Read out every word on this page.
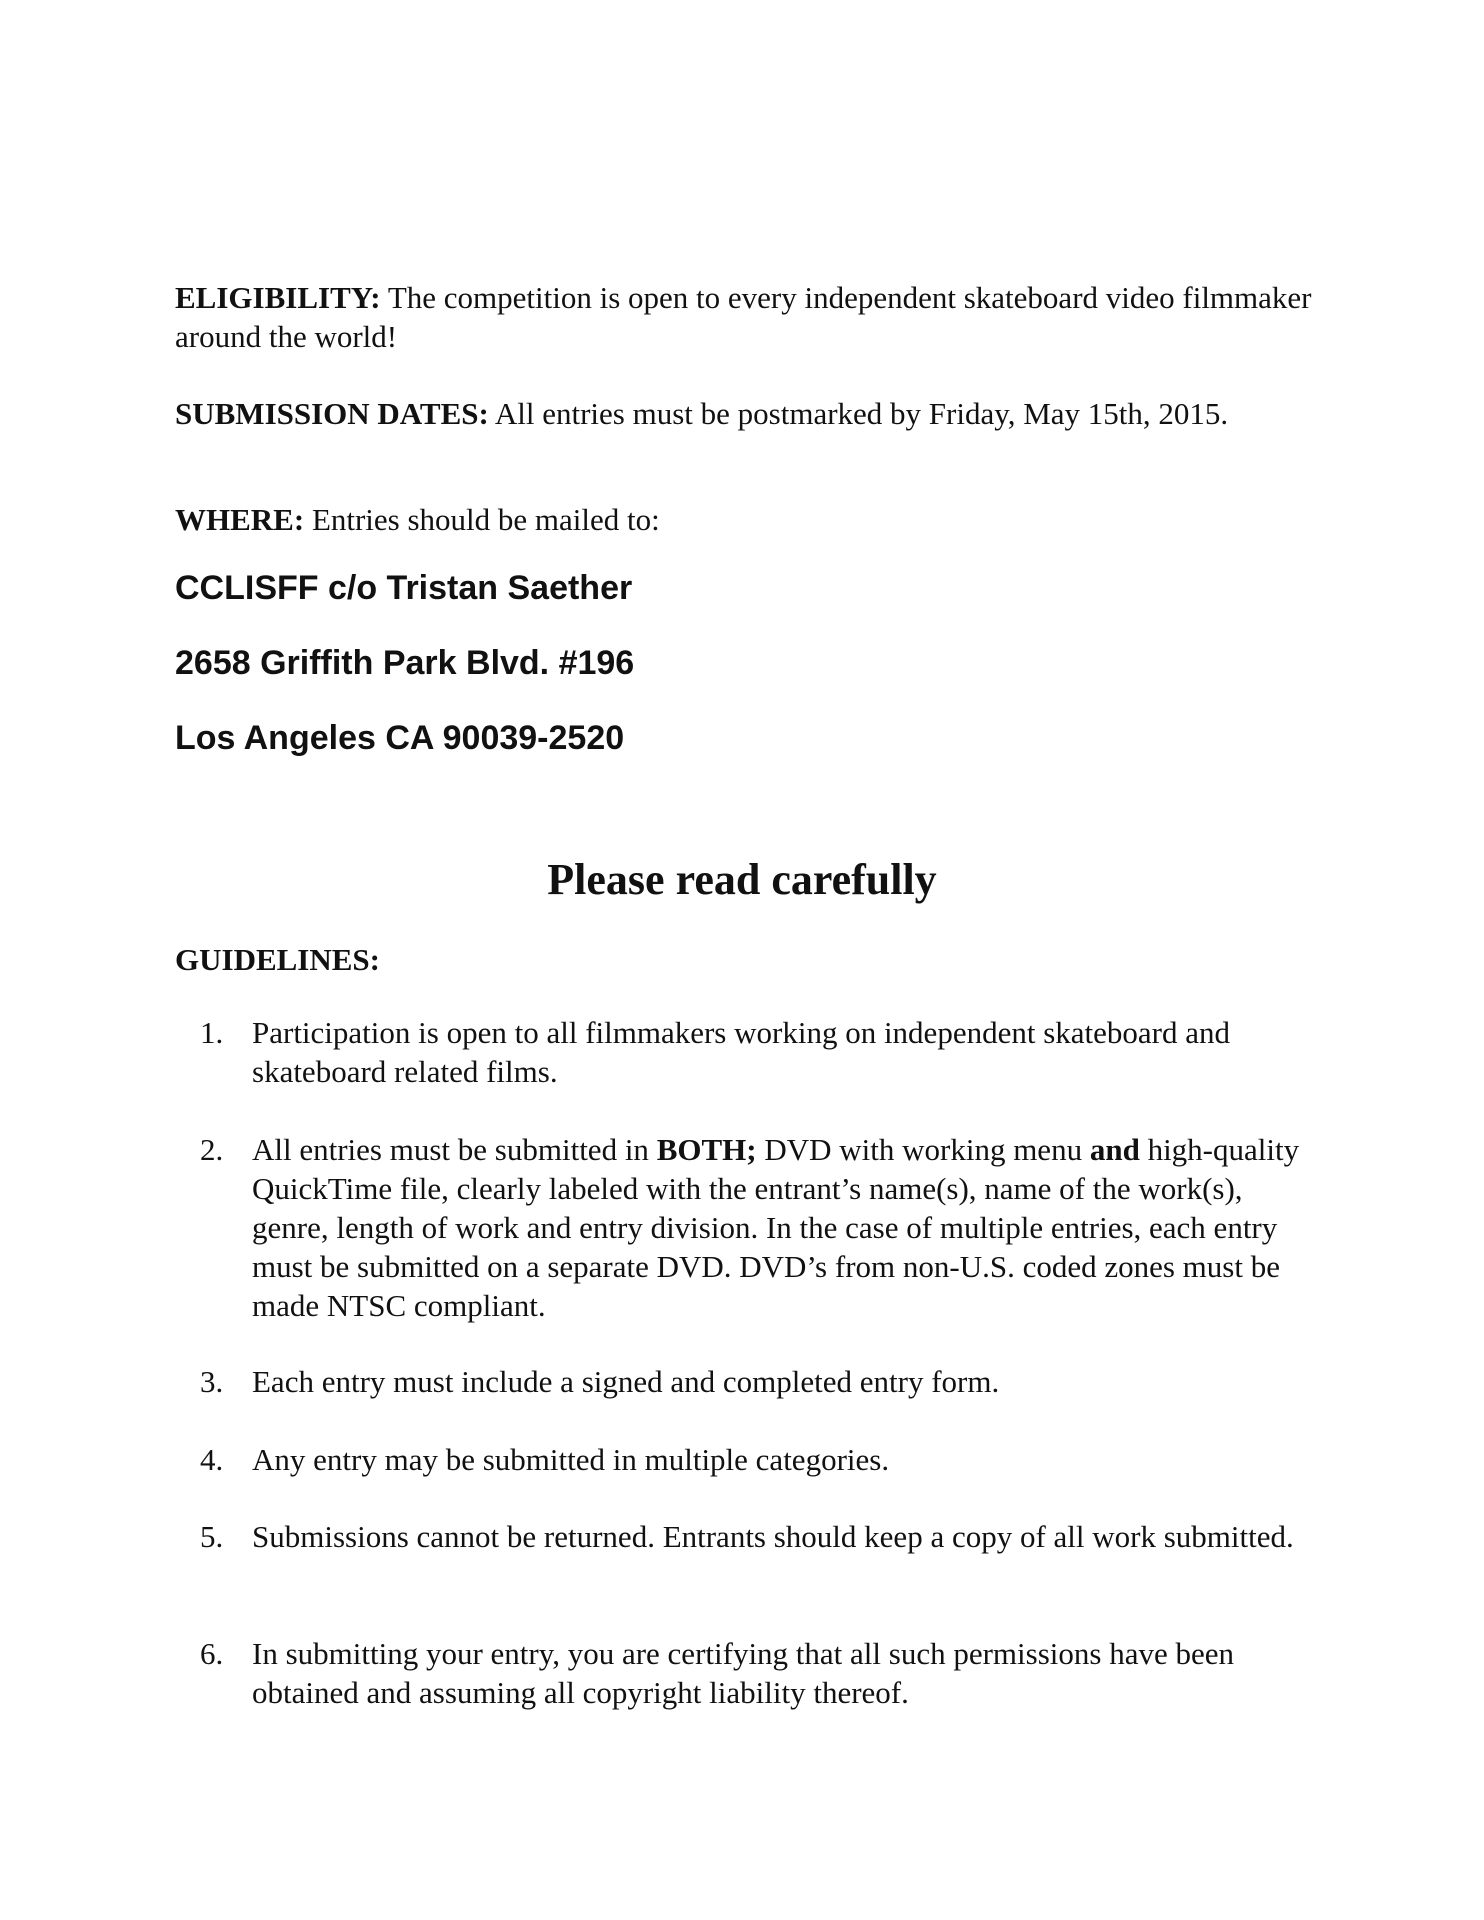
ELIGIBILITY: The competition is open to every independent skateboard video filmmaker around the world!
SUBMISSION DATES: All entries must be postmarked by Friday, May 15th, 2015.
WHERE: Entries should be mailed to:
CCLISFF c/o Tristan Saether
2658 Griffith Park Blvd. #196
Los Angeles CA 90039-2520
Please read carefully
GUIDELINES:
1. Participation is open to all filmmakers working on independent skateboard and skateboard related films.
2. All entries must be submitted in BOTH; DVD with working menu and high-quality QuickTime file, clearly labeled with the entrant’s name(s), name of the work(s), genre, length of work and entry division. In the case of multiple entries, each entry must be submitted on a separate DVD. DVD’s from non-U.S. coded zones must be made NTSC compliant.
3. Each entry must include a signed and completed entry form.
4. Any entry may be submitted in multiple categories.
5. Submissions cannot be returned. Entrants should keep a copy of all work submitted.
6. In submitting your entry, you are certifying that all such permissions have been obtained and assuming all copyright liability thereof.
